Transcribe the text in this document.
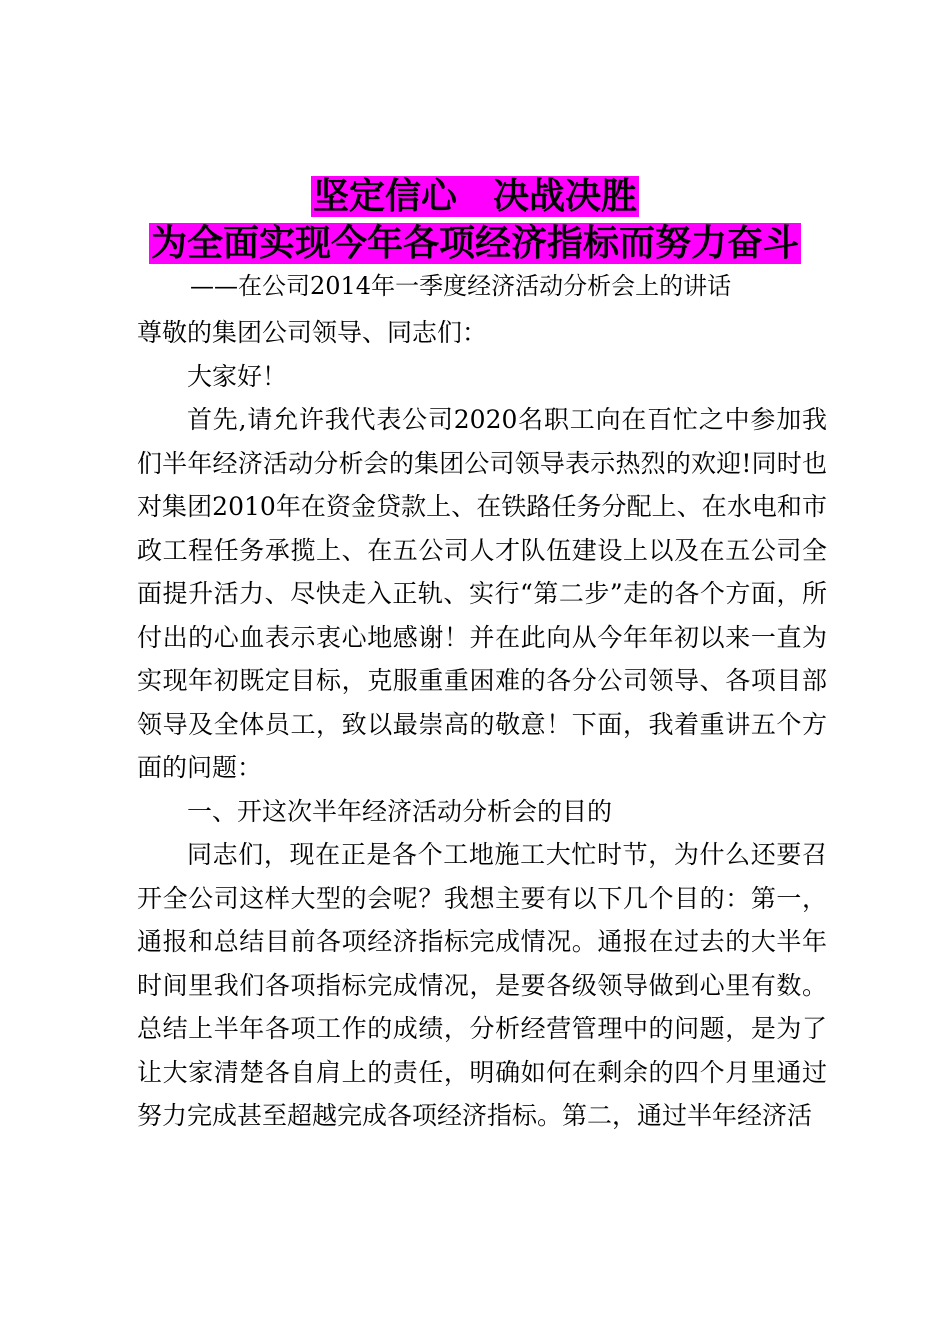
坚定信心　决战决胜
为全面实现今年各项经济指标而努力奋斗
——在公司2014年一季度经济活动分析会上的讲话

尊敬的集团公司领导、同志们：

大家好！

首先,请允许我代表公司2020名职工向在百忙之中参加我们半年经济活动分析会的集团公司领导表示热烈的欢迎!同时也对集团2010年在资金贷款上、在铁路任务分配上、在水电和市政工程任务承揽上、在五公司人才队伍建设上以及在五公司全面提升活力、尽快走入正轨、实行“第二步”走的各个方面，所付出的心血表示衷心地感谢！并在此向从今年年初以来一直为实现年初既定目标，克服重重困难的各分公司领导、各项目部领导及全体员工，致以最崇高的敬意！下面，我着重讲五个方面的问题：

一、开这次半年经济活动分析会的目的

同志们，现在正是各个工地施工大忙时节，为什么还要召开全公司这样大型的会呢？我想主要有以下几个目的：第一，通报和总结目前各项经济指标完成情况。通报在过去的大半年时间里我们各项指标完成情况，是要各级领导做到心里有数。总结上半年各项工作的成绩，分析经营管理中的问题，是为了让大家清楚各自肩上的责任，明确如何在剩余的四个月里通过努力完成甚至超越完成各项经济指标。第二，通过半年经济活
